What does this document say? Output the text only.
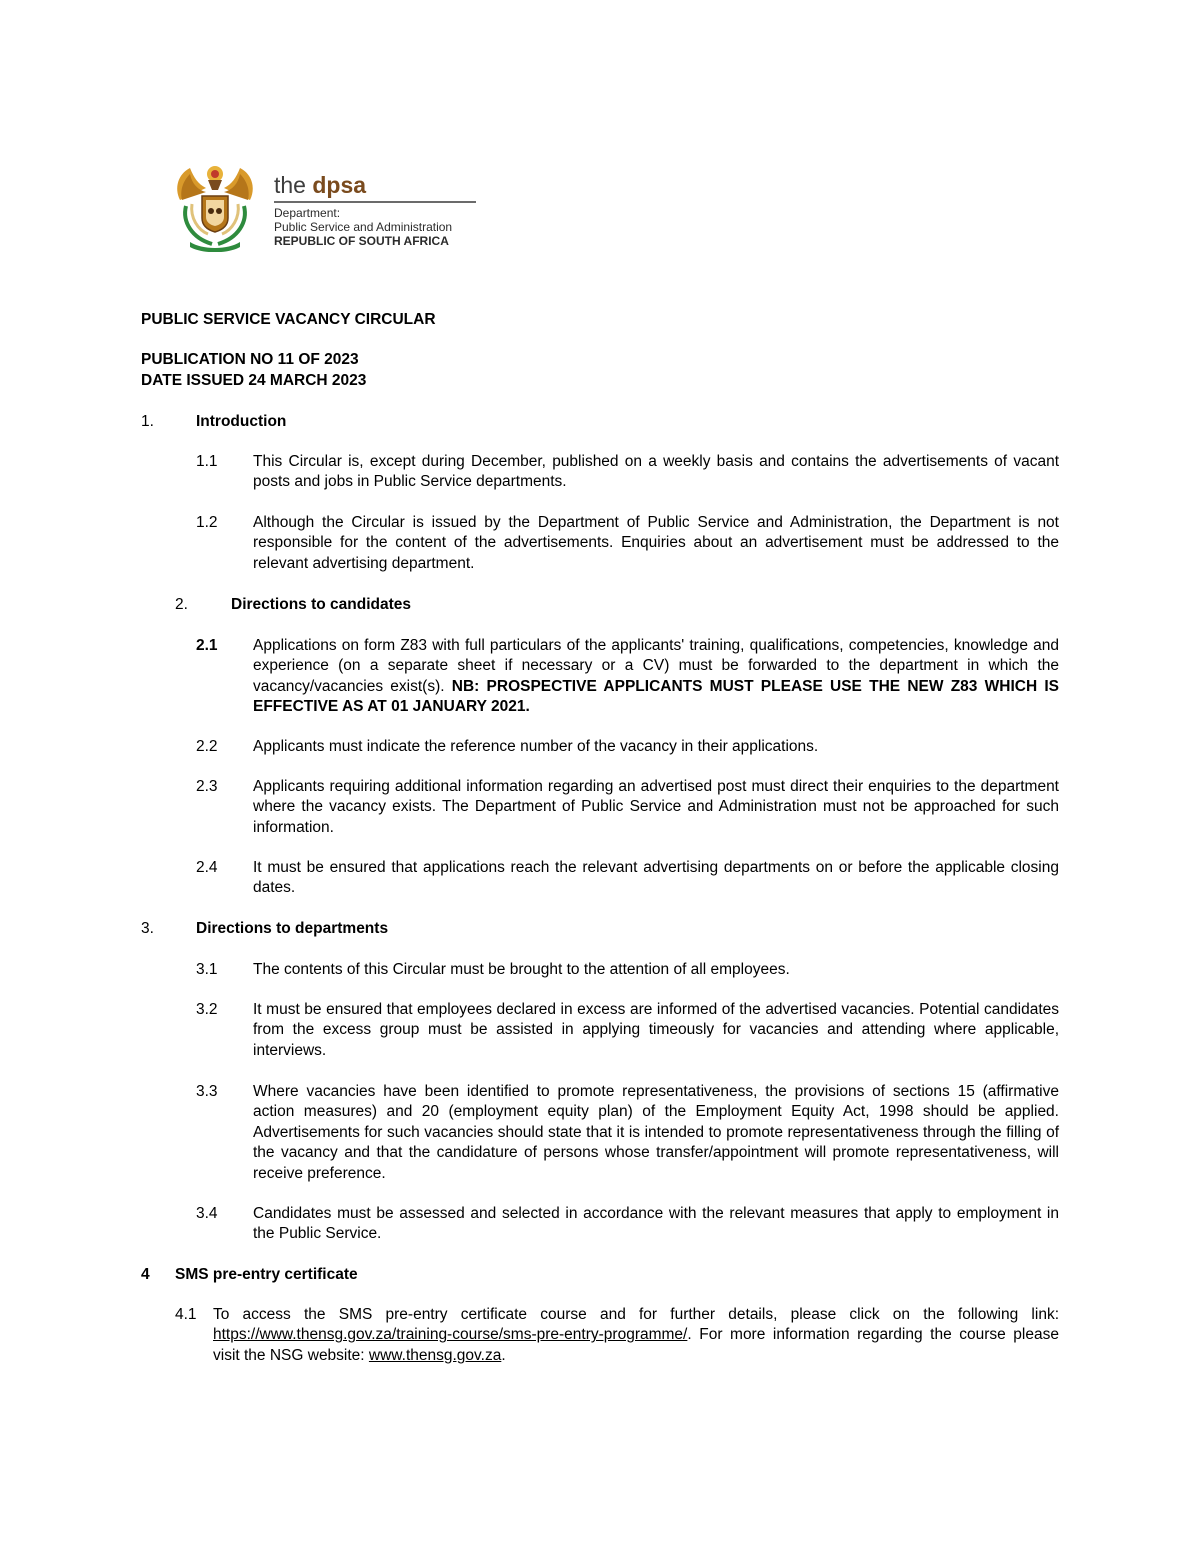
the dpsa
Department:
Public Service and Administration
REPUBLIC OF SOUTH AFRICA
PUBLIC SERVICE VACANCY CIRCULAR
PUBLICATION NO 11 OF 2023
DATE ISSUED 24 MARCH 2023
1.	Introduction
1.1 This Circular is, except during December, published on a weekly basis and contains the advertisements of vacant posts and jobs in Public Service departments.
1.2 Although the Circular is issued by the Department of Public Service and Administration, the Department is not responsible for the content of the advertisements. Enquiries about an advertisement must be addressed to the relevant advertising department.
2.	Directions to candidates
2.1 Applications on form Z83 with full particulars of the applicants' training, qualifications, competencies, knowledge and experience (on a separate sheet if necessary or a CV) must be forwarded to the department in which the vacancy/vacancies exist(s). NB: PROSPECTIVE APPLICANTS MUST PLEASE USE THE NEW Z83 WHICH IS EFFECTIVE AS AT 01 JANUARY 2021.
2.2 Applicants must indicate the reference number of the vacancy in their applications.
2.3 Applicants requiring additional information regarding an advertised post must direct their enquiries to the department where the vacancy exists. The Department of Public Service and Administration must not be approached for such information.
2.4 It must be ensured that applications reach the relevant advertising departments on or before the applicable closing dates.
3.	Directions to departments
3.1 The contents of this Circular must be brought to the attention of all employees.
3.2 It must be ensured that employees declared in excess are informed of the advertised vacancies. Potential candidates from the excess group must be assisted in applying timeously for vacancies and attending where applicable, interviews.
3.3 Where vacancies have been identified to promote representativeness, the provisions of sections 15 (affirmative action measures) and 20 (employment equity plan) of the Employment Equity Act, 1998 should be applied. Advertisements for such vacancies should state that it is intended to promote representativeness through the filling of the vacancy and that the candidature of persons whose transfer/appointment will promote representativeness, will receive preference.
3.4 Candidates must be assessed and selected in accordance with the relevant measures that apply to employment in the Public Service.
4 SMS pre-entry certificate
4.1 To access the SMS pre-entry certificate course and for further details, please click on the following link: https://www.thensg.gov.za/training-course/sms-pre-entry-programme/. For more information regarding the course please visit the NSG website: www.thensg.gov.za.
